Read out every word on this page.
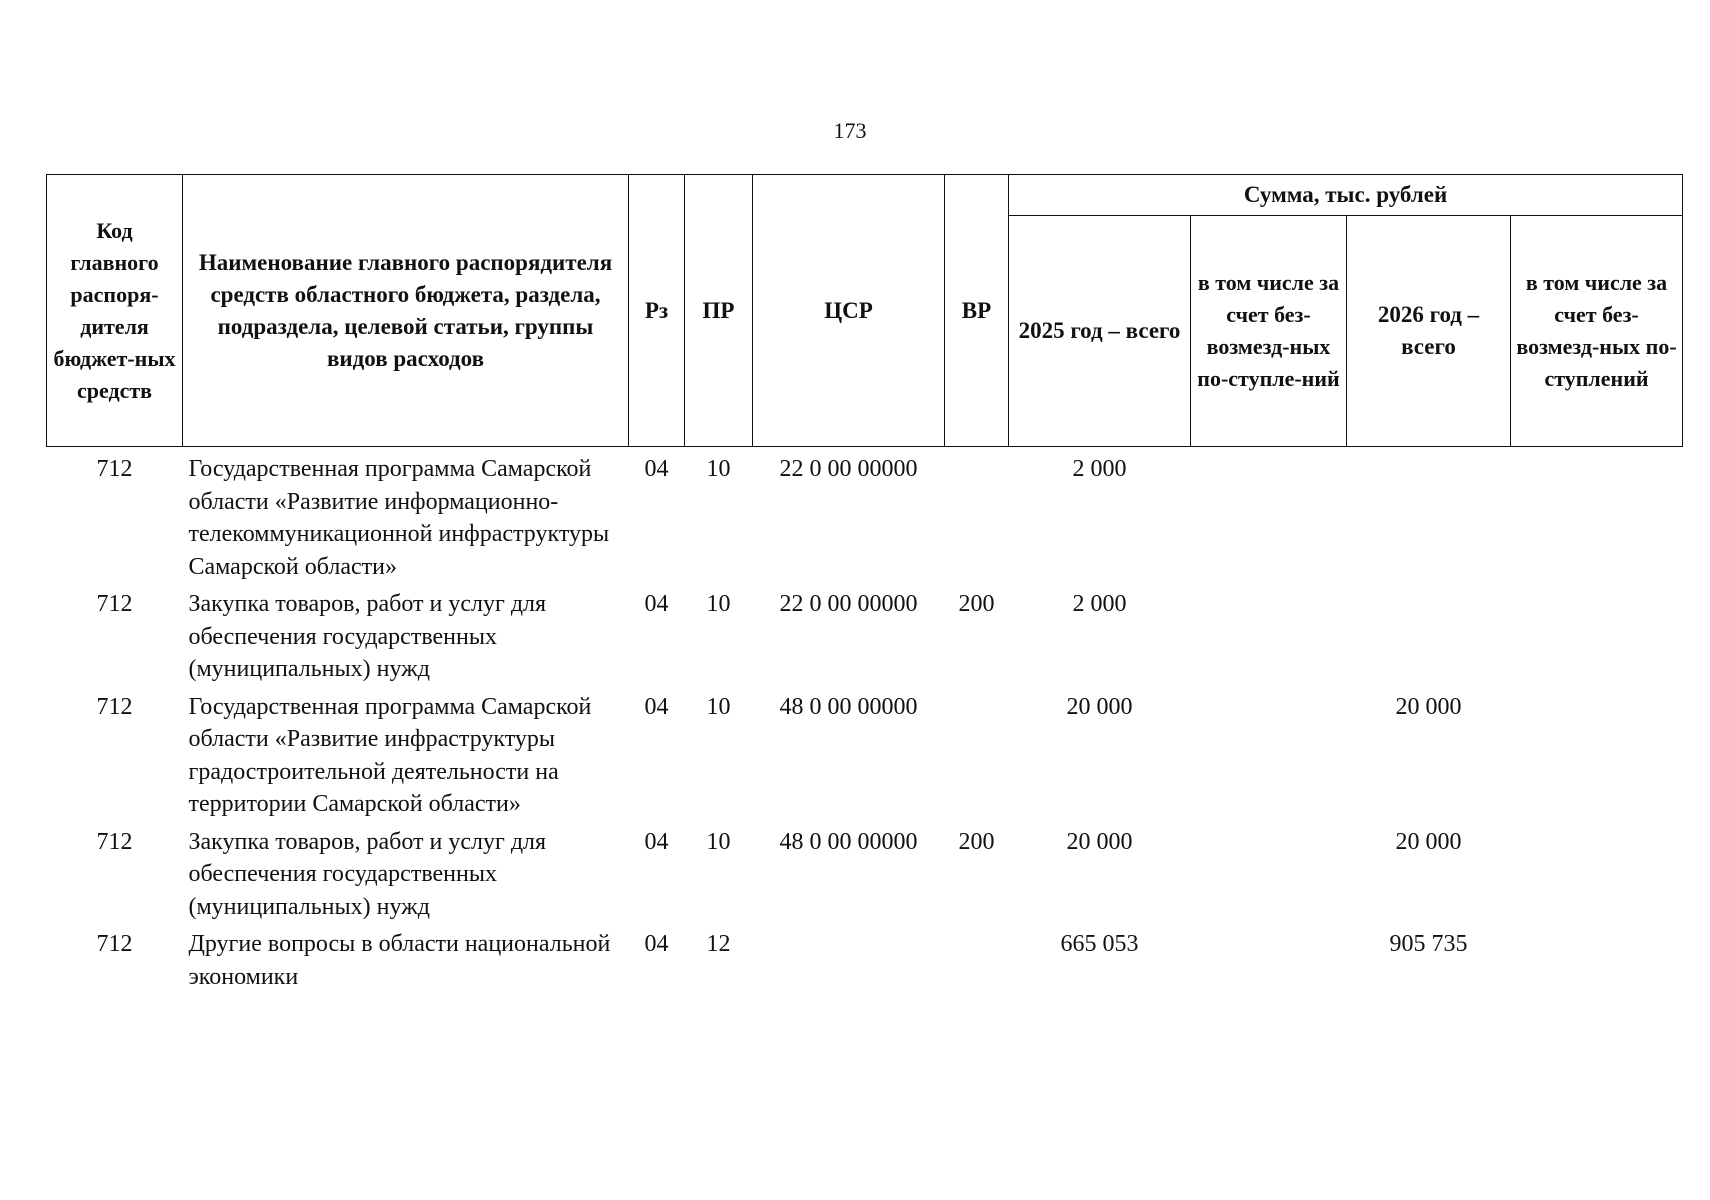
173
Код главного распоря-дителя бюджет-ных средств	Наименование главного распорядителя средств областного бюджета, раздела, подраздела, целевой статьи, группы видов расходов	Рз	ПР	ЦСР	ВР	Сумма, тыс. рублей			
						2025 год – всего	в том числе за счет без-возмезд-ных по-ступле-ний	2026 год – всего	в том числе за счет без-возмезд-ных по-ступлений
712	Государственная программа Самарской области «Развитие информационно-телекоммуникационной инфраструктуры Самарской области»	04	10	22 0 00 00000		2 000			
712	Закупка товаров, работ и услуг для обеспечения государственных (муниципальных) нужд	04	10	22 0 00 00000	200	2 000			
712	Государственная программа Самарской области «Развитие инфраструктуры градостроительной деятельности на территории Самарской области»	04	10	48 0 00 00000		20 000		20 000	
712	Закупка товаров, работ и услуг для обеспечения государственных (муниципальных) нужд	04	10	48 0 00 00000	200	20 000		20 000	
712	Другие вопросы в области национальной экономики	04	12			665 053		905 735	
